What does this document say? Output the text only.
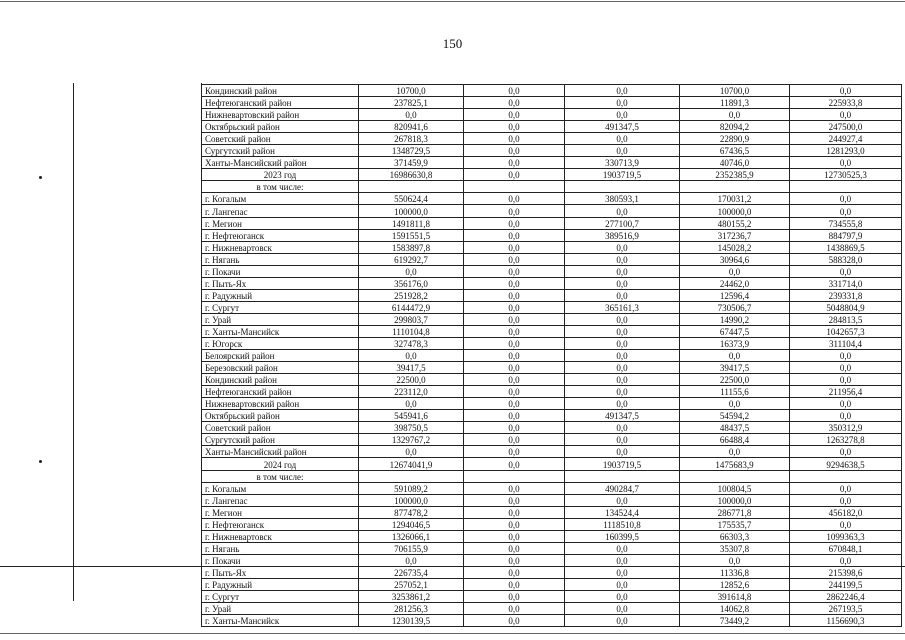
150
Кондинский район	10700,0	0,0	0,0	10700,0	0,0
Нефтеюганский район	237825,1	0,0	0,0	11891,3	225933,8
Нижневартовский район	0,0	0,0	0,0	0,0	0,0
Октябрьский район	820941,6	0,0	491347,5	82094,2	247500,0
Советский район	267818,3	0,0	0,0	22890,9	244927,4
Сургутский район	1348729,5	0,0	0,0	67436,5	1281293,0
Ханты-Мансийский район	371459,9	0,0	330713,9	40746,0	0,0
2023 год	16986630,8	0,0	1903719,5	2352385,9	12730525,3
в том числе:					
г. Когалым	550624,4	0,0	380593,1	170031,2	0,0
г. Лангепас	100000,0	0,0	0,0	100000,0	0,0
г. Мегион	1491811,8	0,0	277100,7	480155,2	734555,8
г. Нефтеюганск	1591551,5	0,0	389516,9	317236,7	884797,9
г. Нижневартовск	1583897,8	0,0	0,0	145028,2	1438869,5
г. Нягань	619292,7	0,0	0,0	30964,6	588328,0
г. Покачи	0,0	0,0	0,0	0,0	0,0
г. Пыть-Ях	356176,0	0,0	0,0	24462,0	331714,0
г. Радужный	251928,2	0,0	0,0	12596,4	239331,8
г. Сургут	6144472,9	0,0	365161,3	730506,7	5048804,9
г. Урай	299803,7	0,0	0,0	14990,2	284813,5
г. Ханты-Мансийск	1110104,8	0,0	0,0	67447,5	1042657,3
г. Югорск	327478,3	0,0	0,0	16373,9	311104,4
Белоярский район	0,0	0,0	0,0	0,0	0,0
Березовский район	39417,5	0,0	0,0	39417,5	0,0
Кондинский район	22500,0	0,0	0,0	22500,0	0,0
Нефтеюганский район	223112,0	0,0	0,0	11155,6	211956,4
Нижневартовский район	0,0	0,0	0,0	0,0	0,0
Октябрьский район	545941,6	0,0	491347,5	54594,2	0,0
Советский район	398750,5	0,0	0,0	48437,5	350312,9
Сургутский район	1329767,2	0,0	0,0	66488,4	1263278,8
Ханты-Мансийский район	0,0	0,0	0,0	0,0	0,0
2024 год	12674041,9	0,0	1903719,5	1475683,9	9294638,5
в том числе:					
г. Когалым	591089,2	0,0	490284,7	100804,5	0,0
г. Лангепас	100000,0	0,0	0,0	100000,0	0,0
г. Мегион	877478,2	0,0	134524,4	286771,8	456182,0
г. Нефтеюганск	1294046,5	0,0	1118510,8	175535,7	0,0
г. Нижневартовск	1326066,1	0,0	160399,5	66303,3	1099363,3
г. Нягань	706155,9	0,0	0,0	35307,8	670848,1
г. Покачи	0,0	0,0	0,0	0,0	0,0
г. Пыть-Ях	226735,4	0,0	0,0	11336,8	215398,6
г. Радужный	257052,1	0,0	0,0	12852,6	244199,5
г. Сургут	3253861,2	0,0	0,0	391614,8	2862246,4
г. Урай	281256,3	0,0	0,0	14062,8	267193,5
г. Ханты-Мансийск	1230139,5	0,0	0,0	73449,2	1156690,3
